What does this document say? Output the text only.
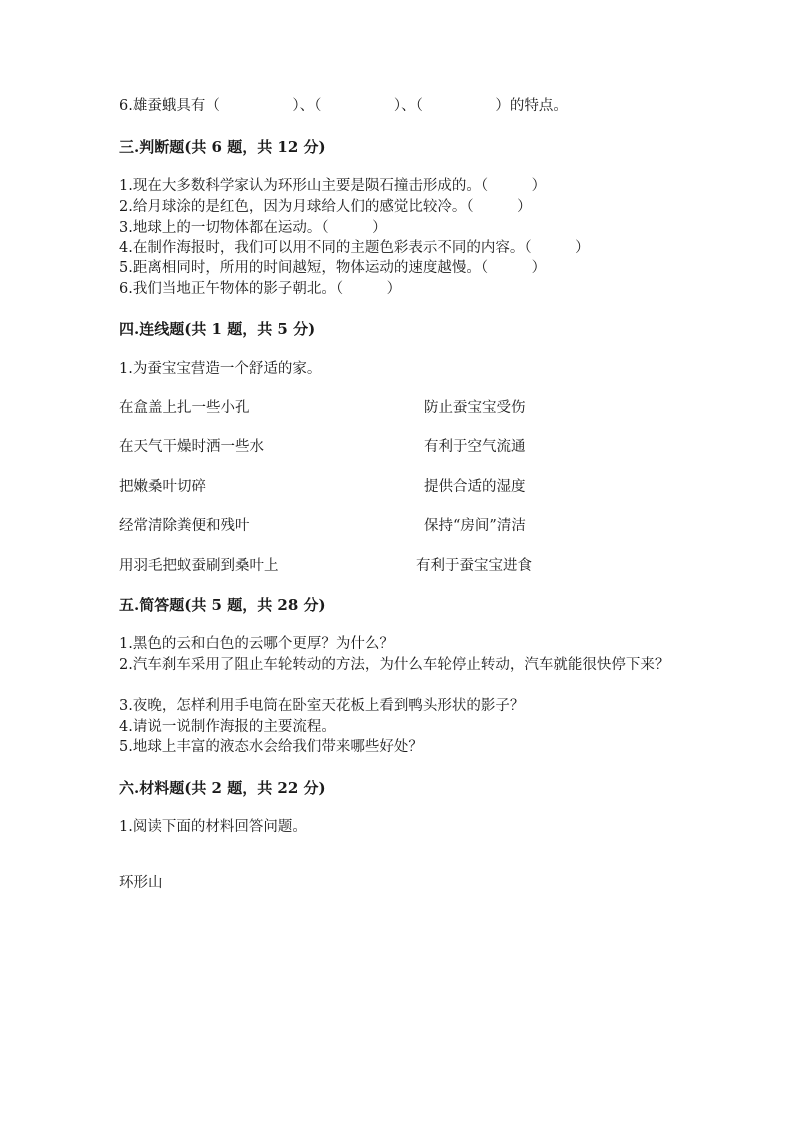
6.雄蚕蛾具有（　　　　　）、（　　　　　）、（　　　　　）的特点。
三.判断题(共 6 题，共 12 分)
1.现在大多数科学家认为环形山主要是陨石撞击形成的。（　　　）
2.给月球涂的是红色，因为月球给人们的感觉比较冷。（　　　）
3.地球上的一切物体都在运动。（　　　）
4.在制作海报时，我们可以用不同的主题色彩表示不同的内容。（　　　）
5.距离相同时，所用的时间越短，物体运动的速度越慢。（　　　）
6.我们当地正午物体的影子朝北。（　　　）
四.连线题(共 1 题，共 5 分)
1.为蚕宝宝营造一个舒适的家。
在盒盖上扎一些小孔	防止蚕宝宝受伤
在天气干燥时洒一些水	有利于空气流通
把嫩桑叶切碎	提供合适的湿度
经常清除粪便和残叶	保持“房间”清洁
用羽毛把蚁蚕刷到桑叶上	有利于蚕宝宝进食
五.简答题(共 5 题，共 28 分)
1.黑色的云和白色的云哪个更厚？为什么？
2.汽车刹车采用了阻止车轮转动的方法，为什么车轮停止转动，汽车就能很快停下来？
3.夜晚，怎样利用手电筒在卧室天花板上看到鸭头形状的影子？
4.请说一说制作海报的主要流程。
5.地球上丰富的液态水会给我们带来哪些好处？
六.材料题(共 2 题，共 22 分)
1.阅读下面的材料回答问题。
环形山
